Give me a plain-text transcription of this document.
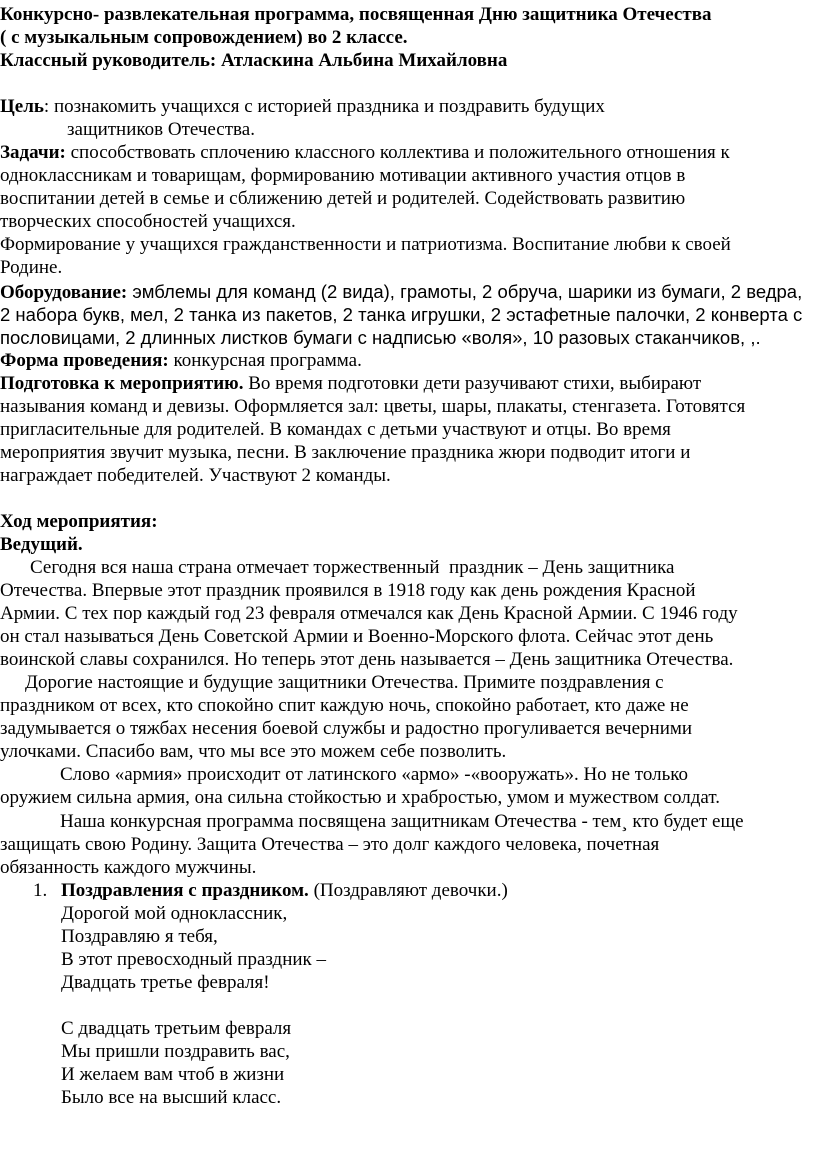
Конкурсно- развлекательная программа, посвященная Дню защитника Отечества
( с музыкальным сопровождением) во 2 классе.
Классный руководитель: Атласкина Альбина Михайловна
Цель: познакомить учащихся с историей праздника и поздравить будущих
защитников Отечества.
Задачи: способствовать сплочению классного коллектива и положительного отношения к
одноклассникам и товарищам, формированию мотивации активного участия отцов в
воспитании детей в семье и сближению детей и родителей. Содействовать развитию
творческих способностей учащихся.
Формирование у учащихся гражданственности и патриотизма. Воспитание любви к своей
Родине.
Оборудование: эмблемы для команд (2 вида), грамоты, 2 обруча, шарики из бумаги, 2 ведра,
2 набора букв, мел, 2 танка из пакетов, 2 танка игрушки, 2 эстафетные палочки, 2 конверта с
пословицами, 2 длинных листков бумаги с надписью «воля», 10 разовых стаканчиков, ,.
Форма проведения: конкурсная программа.
Подготовка к мероприятию. Во время подготовки дети разучивают стихи, выбирают
называния команд и девизы. Оформляется зал: цветы, шары, плакаты, стенгазета. Готовятся
пригласительные для родителей. В командах с детьми участвуют и отцы. Во время
мероприятия звучит музыка, песни. В заключение праздника жюри подводит итоги и
награждает победителей. Участвуют 2 команды.
Ход мероприятия:
Ведущий.
Сегодня вся наша страна отмечает торжественный  праздник – День защитника
Отечества. Впервые этот праздник проявился в 1918 году как день рождения Красной
Армии. С тех пор каждый год 23 февраля отмечался как День Красной Армии. С 1946 году
он стал называться День Советской Армии и Военно-Морского флота. Сейчас этот день
воинской славы сохранился. Но теперь этот день называется – День защитника Отечества.
Дорогие настоящие и будущие защитники Отечества. Примите поздравления с
праздником от всех, кто спокойно спит каждую ночь, спокойно работает, кто даже не
задумывается о тяжбах несения боевой службы и радостно прогуливается вечерними
улочками. Спасибо вам, что мы все это можем себе позволить.
Слово «армия» происходит от латинского «армо» -«вооружать». Но не только
оружием сильна армия, она сильна стойкостью и храбростью, умом и мужеством солдат.
Наша конкурсная программа посвящена защитникам Отечества - тем¸ кто будет еще
защищать свою Родину. Защита Отечества – это долг каждого человека, почетная
обязанность каждого мужчины.
1. Поздравления с праздником. (Поздравляют девочки.)
Дорогой мой одноклассник,
Поздравляю я тебя,
В этот превосходный праздник –
Двадцать третье февраля!
С двадцать третьим февраля
Мы пришли поздравить вас,
И желаем вам чтоб в жизни
Было все на высший класс.
